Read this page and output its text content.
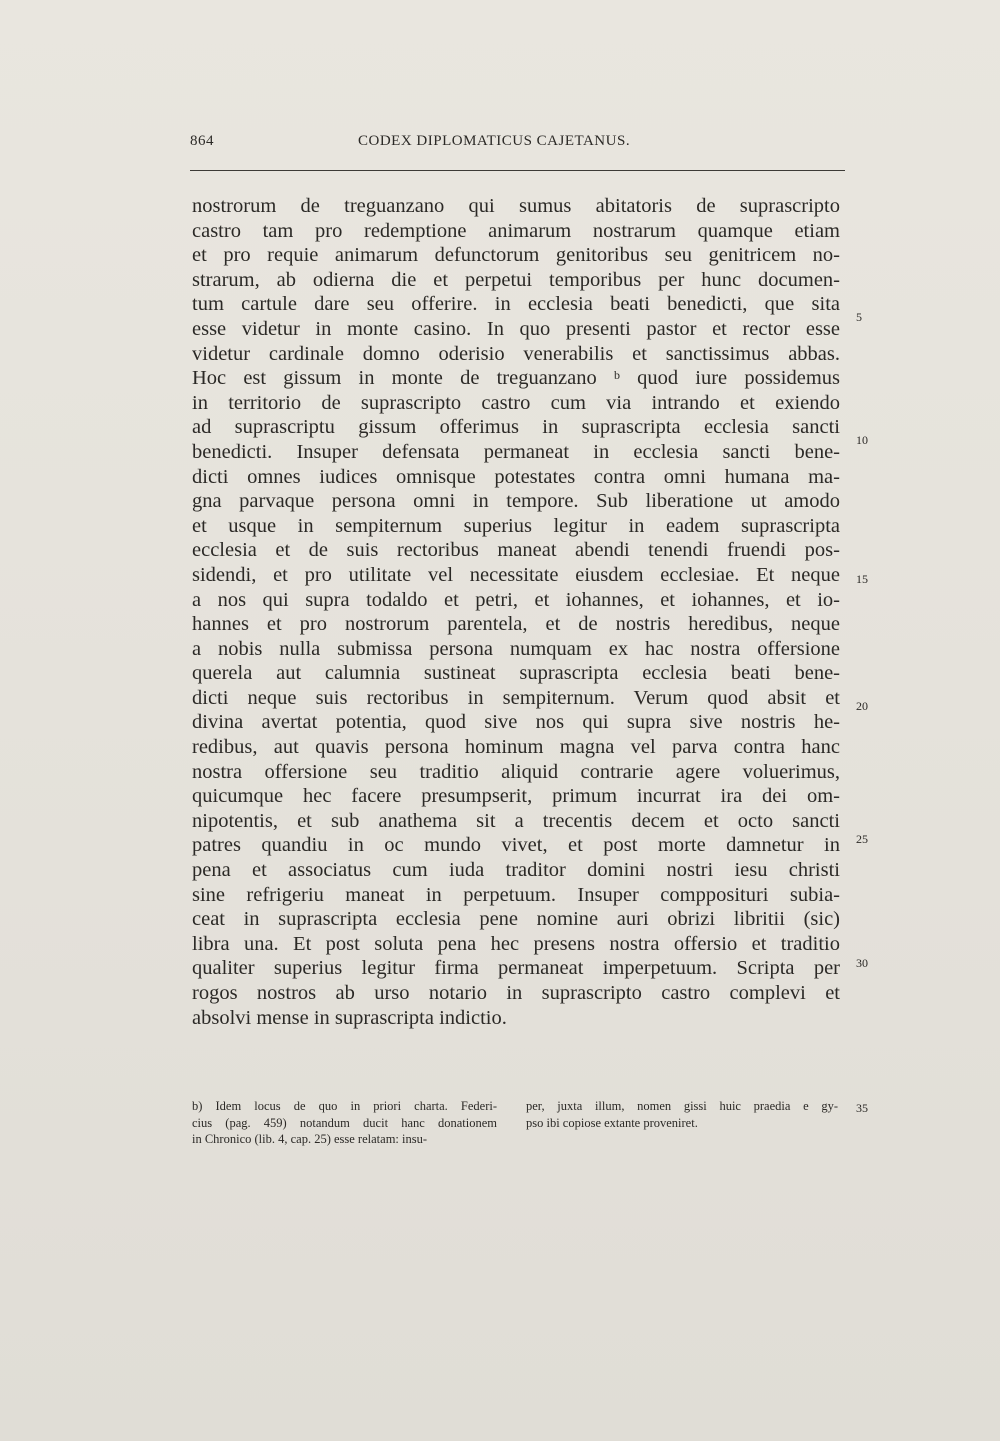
864	CODEX DIPLOMATICUS CAJETANUS.
nostrorum de treguanzano qui sumus abitatoris de suprascripto
castro tam pro redemptione animarum nostrarum quamque etiam
et pro requie animarum defunctorum genitoribus seu genitricem no-
strarum, ab odierna die et perpetui temporibus per hunc documen-
tum cartule dare seu offerire. in ecclesia beati benedicti, que sita
esse videtur in monte casino. In quo presenti pastor et rector esse
videtur cardinale domno oderisio venerabilis et sanctissimus abbas.
Hoc est gissum in monte de treguanzano $^b$ quod iure possidemus
in territorio de suprascripto castro cum via intrando et exiendo
ad suprascriptu gissum offerimus in suprascripta ecclesia sancti
benedicti. Insuper defensata permaneat in ecclesia sancti bene-
dicti omnes iudices omnisque potestates contra omni humana ma-
gna parvaque persona omni in tempore. Sub liberatione ut amodo
et usque in sempiternum superius legitur in eadem suprascripta
ecclesia et de suis rectoribus maneat abendi tenendi fruendi pos-
sidendi, et pro utilitate vel necessitate eiusdem ecclesiae. Et neque
a nos qui supra todaldo et petri, et iohannes, et iohannes, et io-
hannes et pro nostrorum parentela, et de nostris heredibus, neque
a nobis nulla submissa persona numquam ex hac nostra offersione
querela aut calumnia sustineat suprascripta ecclesia beati bene-
dicti neque suis rectoribus in sempiternum. Verum quod absit et
divina avertat potentia, quod sive nos qui supra sive nostris he-
redibus, aut quavis persona hominum magna vel parva contra hanc
nostra offersione seu traditio aliquid contrarie agere voluerimus,
quicumque hec facere presumpserit, primum incurrat ira dei om-
nipotentis, et sub anathema sit a trecentis decem et octo sancti
patres quandiu in oc mundo vivet, et post morte damnetur in
pena et associatus cum iuda traditor domini nostri iesu christi
sine refrigeriu maneat in perpetuum. Insuper compposituri subia-
ceat in suprascripta ecclesia pene nomine auri obrizi libritii (sic)
libra una. Et post soluta pena hec presens nostra offersio et traditio
qualiter superius legitur firma permaneat imperpetuum. Scripta per
rogos nostros ab urso notario in suprascripto castro complevi et
absolvi mense in suprascripta indictio.
5
10
15
20
25
30
b) Idem locus de quo in priori charta. Federi-
cius (pag. 459) notandum ducit hanc donationem
in Chronico (lib. 4, cap. 25) esse relatam: insu-
per, juxta illum, nomen gissi huic praedia e gy-
pso ibi copiose extante proveniret.
35
